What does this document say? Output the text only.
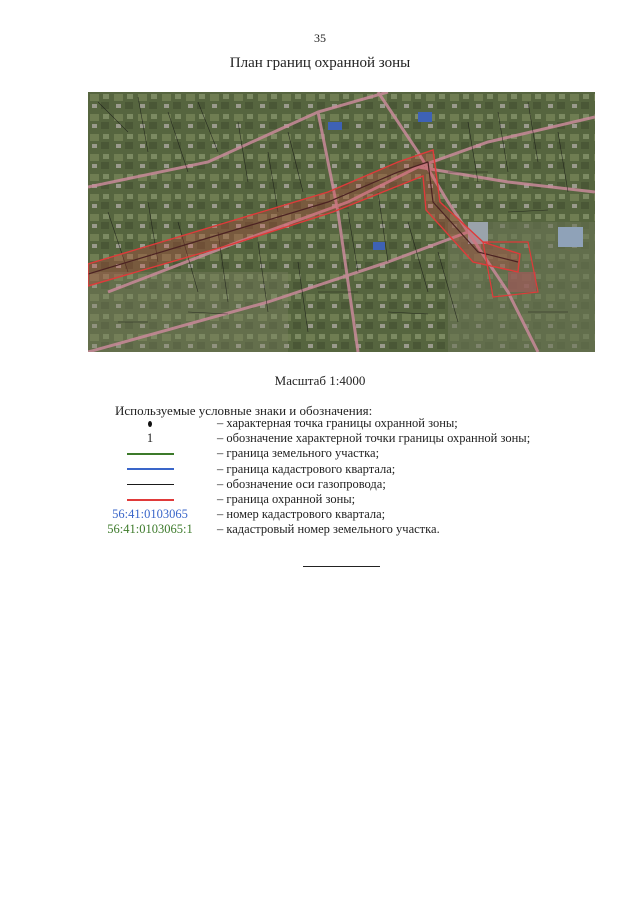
35
План границ охранной зоны
Масштаб 1:4000
Используемые условные знаки и обозначения:
– характерная точка границы охранной зоны;
1	– обозначение характерной точки границы охранной зоны;
– граница земельного участка;
– граница кадастрового квартала;
– обозначение оси газопровода;
– граница охранной зоны;
56:41:0103065	– номер кадастрового квартала;
56:41:0103065:1	– кадастровый номер земельного участка.
